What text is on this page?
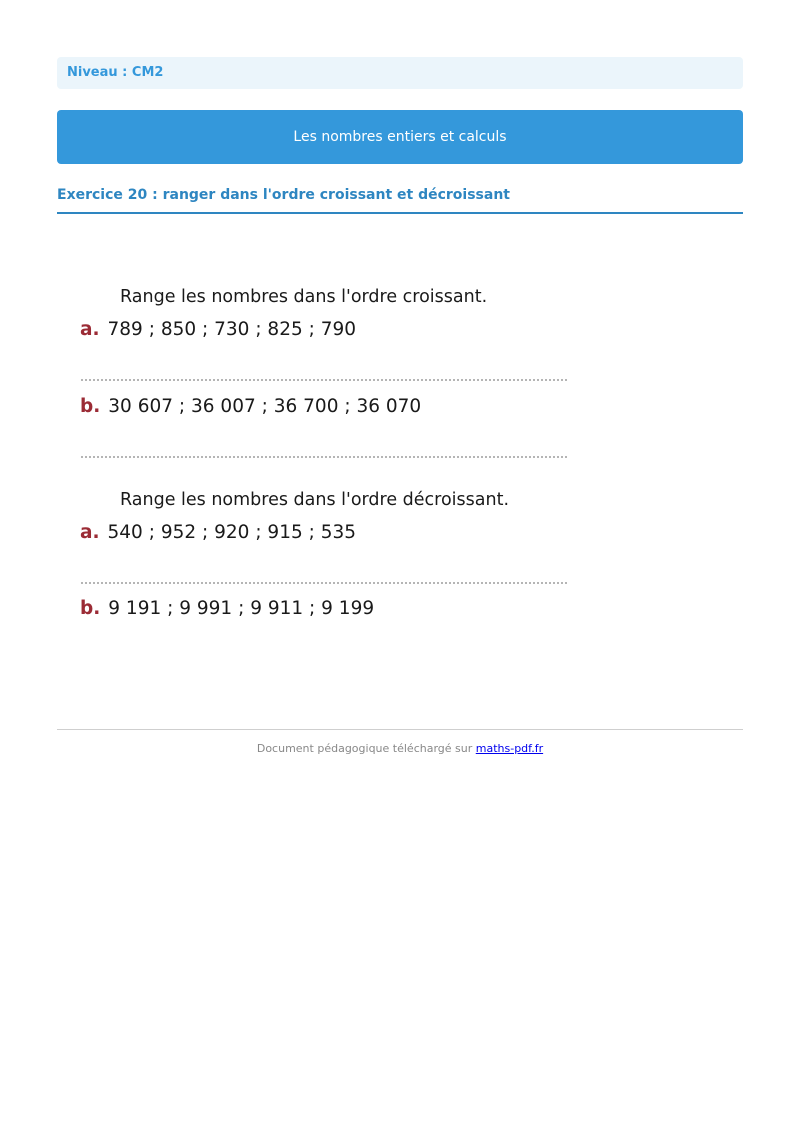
Niveau : CM2
Les nombres entiers et calculs
Exercice 20 : ranger dans l'ordre croissant et décroissant
Range les nombres dans l'ordre croissant.
a. 789 ; 850 ; 730 ; 825 ; 790
b. 30 607 ; 36 007 ; 36 700 ; 36 070
Range les nombres dans l'ordre décroissant.
a. 540 ; 952 ; 920 ; 915 ; 535
b. 9 191 ; 9 991 ; 9 911 ; 9 199
Document pédagogique téléchargé sur maths-pdf.fr
